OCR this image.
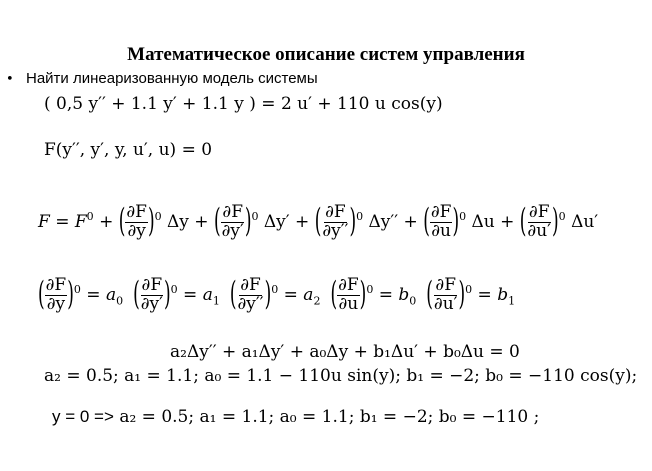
Математическое описание систем управления
• Найти линеаризованную модель системы
( 0,5 y′′ + 1.1 y′ + 1.1 y ) = 2 u′ + 110 u cos(y)
F(y′′, y′, y, u′, u) = 0
$F = F^0$ + ( $\frac{\partial F}{\partial y} )^0$ Δy + ( $\frac{\partial F}{\partial y'} )^0$ Δy′ + ( $\frac{\partial F}{\partial y''} )^0$ Δy′′ + ( $\frac{\partial F}{\partial u} )^0$ Δu + ( $\frac{\partial F}{\partial u'} )^0$ Δu′
( $\frac{\partial F}{\partial y} )^0 = a_0$ ( $\frac{\partial F}{\partial y'} )^0 = a_1$ ( $\frac{\partial F}{\partial y''} )^0 = a_2$ ( $\frac{\partial F}{\partial u} )^0 = b_0$ ( $\frac{\partial F}{\partial u'} )^0 = b_1$
a₂Δy′′ + a₁Δy′ + a₀Δy + b₁Δu′ + b₀Δu = 0
a₂ = 0.5; a₁ = 1.1; a₀ = 1.1 − 110u sin(y); b₁ = −2; b₀ = −110 cos(y);
y = 0 => a₂ = 0.5; a₁ = 1.1; a₀ = 1.1; b₁ = −2; b₀ = −110 ;
